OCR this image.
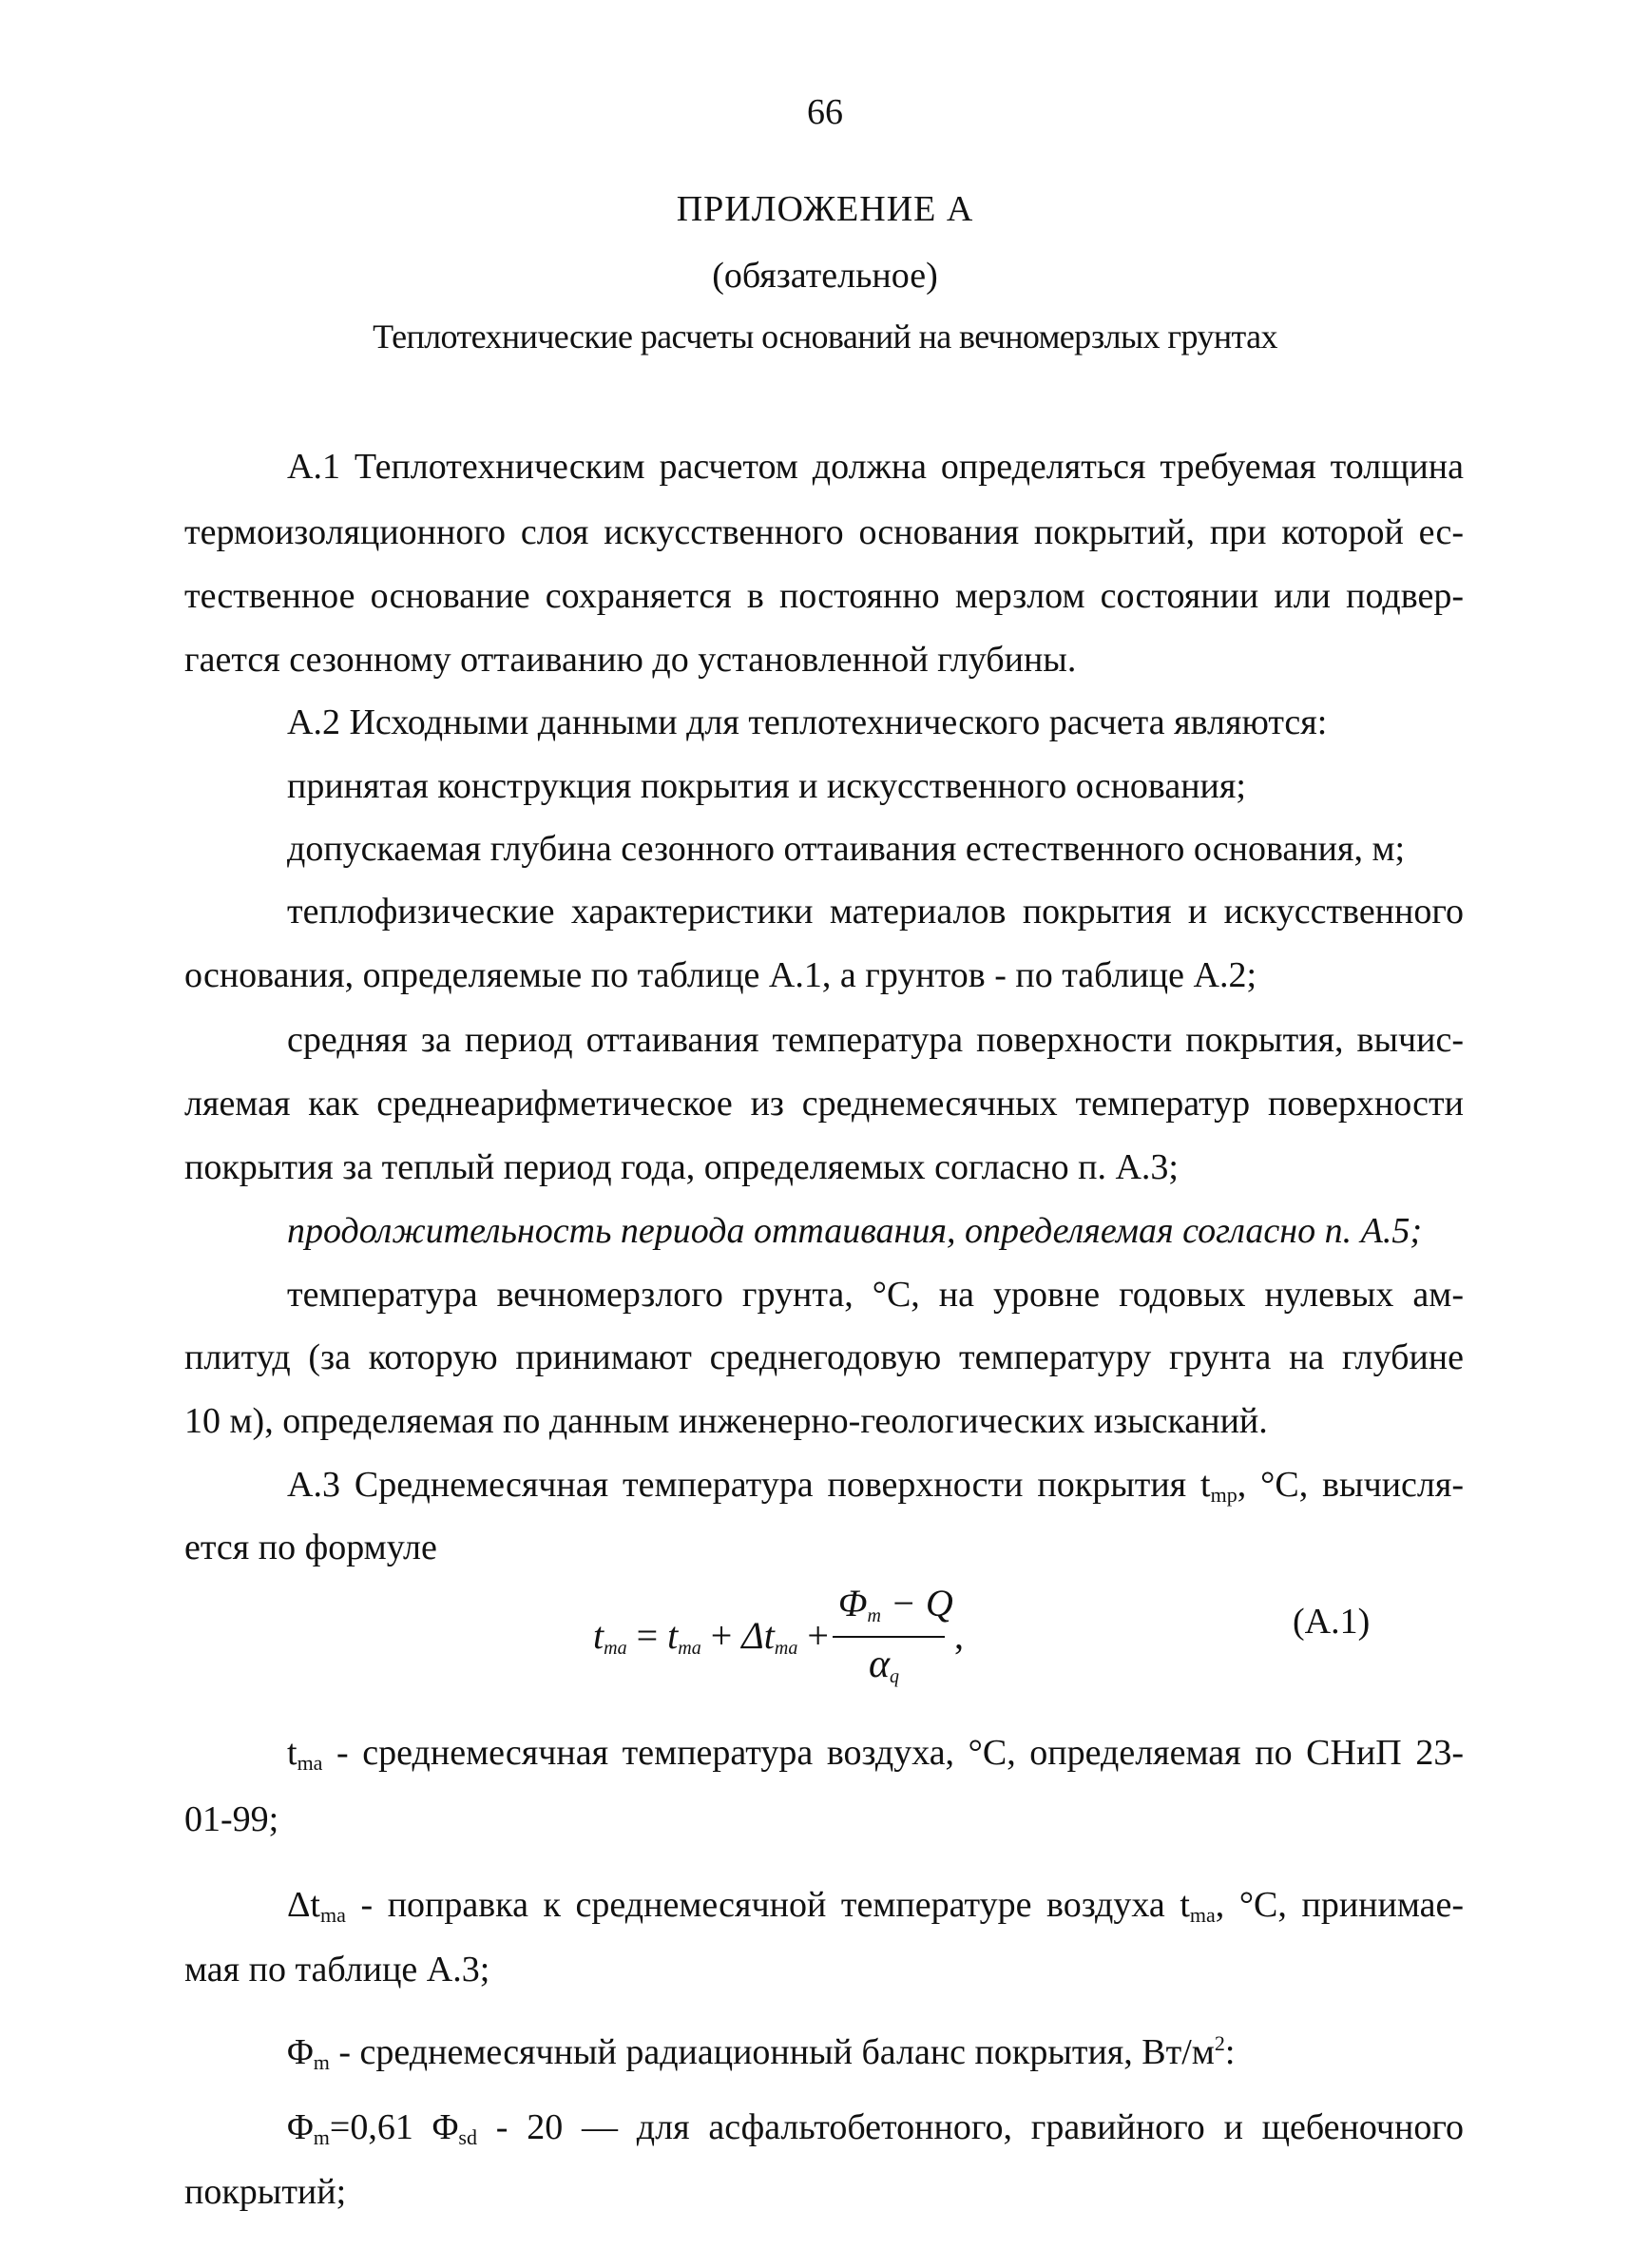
66
ПРИЛОЖЕНИЕ А
(обязательное)
Теплотехнические расчеты оснований на вечномерзлых грунтах
А.1 Теплотехническим расчетом должна определяться требуемая толщина
термоизоляционного слоя искусственного основания покрытий, при которой ес-
тественное основание сохраняется в постоянно мерзлом состоянии или подвер-
гается сезонному оттаиванию до установленной глубины.
А.2 Исходными данными для теплотехнического расчета являются:
принятая конструкция покрытия и искусственного основания;
допускаемая глубина сезонного оттаивания естественного основания, м;
теплофизические характеристики материалов покрытия и искусственного
основания, определяемые по таблице А.1, а грунтов - по таблице А.2;
средняя за период оттаивания температура поверхности покрытия, вычис-
ляемая как среднеарифметическое из среднемесячных температур поверхности
покрытия за теплый период года, определяемых согласно п. А.3;
продолжительность периода оттаивания, определяемая согласно п. А.5;
температура вечномерзлого грунта, °С, на уровне годовых нулевых ам-
плитуд (за которую принимают среднегодовую температуру грунта на глубине
10 м), определяемая по данным инженерно-геологических изысканий.
А.3 Среднемесячная температура поверхности покрытия $t_{mp}$, °С, вычисля-
ется по формуле
$t_{ma} = t_{ma} + \Delta t_{ma}$ +
$\Phi_m - Q$
$\alpha_q$
,	(А.1)
$t_{ma}$ - среднемесячная температура воздуха, °С, определяемая по СНиП 23-
01-99;
$\Delta t_{ma}$ - поправка к среднемесячной температуре воздуха $t_{ma}$, °С, принимае-
мая по таблице А.3;
$\Phi_m$ - среднемесячный радиационный баланс покрытия, $Вт/м^2$:
$\Phi_m=0,61$ $\Phi_{sd} - 20$ — для асфальтобетонного, гравийного и щебеночного
покрытий;
